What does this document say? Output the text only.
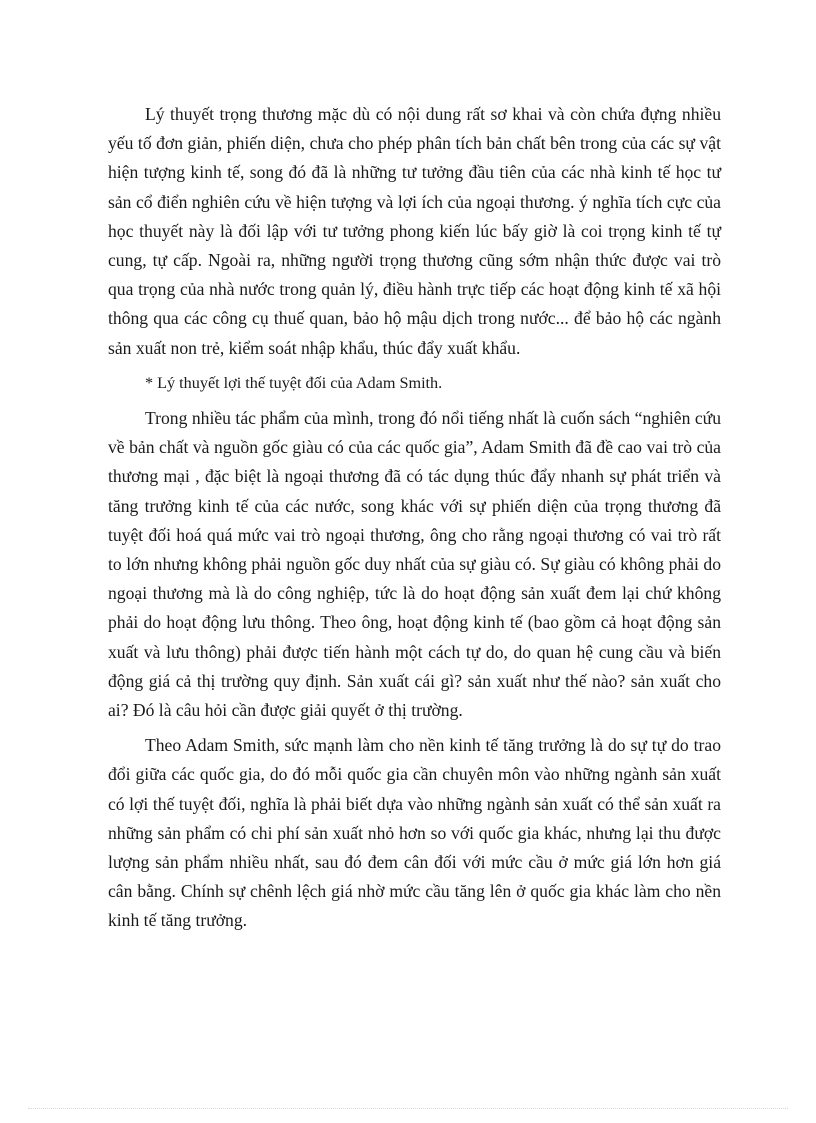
Lý thuyết trọng thương mặc dù có nội dung rất sơ khai và còn chứa đựng nhiều yếu tố đơn giản, phiến diện, chưa cho phép phân tích bản chất bên trong của các sự vật hiện tượng kinh tế, song đó đã là những tư tưởng đầu tiên của các nhà kinh tế học tư sản cổ điển nghiên cứu về hiện tượng và lợi ích của ngoại thương. ý nghĩa tích cực của học thuyết này là đối lập với tư tưởng phong kiến lúc bấy giờ là coi trọng kinh tế tự cung, tự cấp. Ngoài ra, những người trọng thương cũng sớm nhận thức được vai trò qua trọng của nhà nước trong quản lý, điều hành trực tiếp các hoạt động kinh tế xã hội thông qua các công cụ thuế quan, bảo hộ mậu dịch trong nước... để bảo hộ các ngành sản xuất non trẻ, kiểm soát nhập khẩu, thúc đẩy xuất khẩu.

* Lý thuyết lợi thế tuyệt đối của Adam Smith.

Trong nhiều tác phẩm của mình, trong đó nổi tiếng nhất là cuốn sách “nghiên cứu về bản chất và nguồn gốc giàu có của các quốc gia”, Adam Smith đã đề cao vai trò của thương mại , đặc biệt là ngoại thương đã có tác dụng thúc đẩy nhanh sự phát triển và tăng trưởng kinh tế của các nước, song khác với sự phiến diện của trọng thương đã tuyệt đối hoá quá mức vai trò ngoại thương, ông cho rằng ngoại thương có vai trò rất to lớn nhưng không phải nguồn gốc duy nhất của sự giàu có. Sự giàu có không phải do ngoại thương mà là do công nghiệp, tức là do hoạt động sản xuất đem lại chứ không phải do hoạt động lưu thông. Theo ông, hoạt động kinh tế (bao gồm cả hoạt động sản xuất và lưu thông) phải được tiến hành một cách tự do, do quan hệ cung cầu và biến động giá cả thị trường quy định. Sản xuất cái gì? sản xuất như thế nào? sản xuất cho ai? Đó là câu hỏi cần được giải quyết ở thị trường.

Theo Adam Smith, sức mạnh làm cho nền kinh tế tăng trưởng là do sự tự do trao đổi giữa các quốc gia, do đó mỗi quốc gia cần chuyên môn vào những ngành sản xuất có lợi thế tuyệt đối, nghĩa là phải biết dựa vào những ngành sản xuất có thể sản xuất ra những sản phẩm có chi phí sản xuất nhỏ hơn so với quốc gia khác, nhưng lại thu được lượng sản phẩm nhiều nhất, sau đó đem cân đối với mức cầu ở mức giá lớn hơn giá cân bằng. Chính sự chênh lệch giá nhờ mức cầu tăng lên ở quốc gia khác làm cho nền kinh tế tăng trưởng.
